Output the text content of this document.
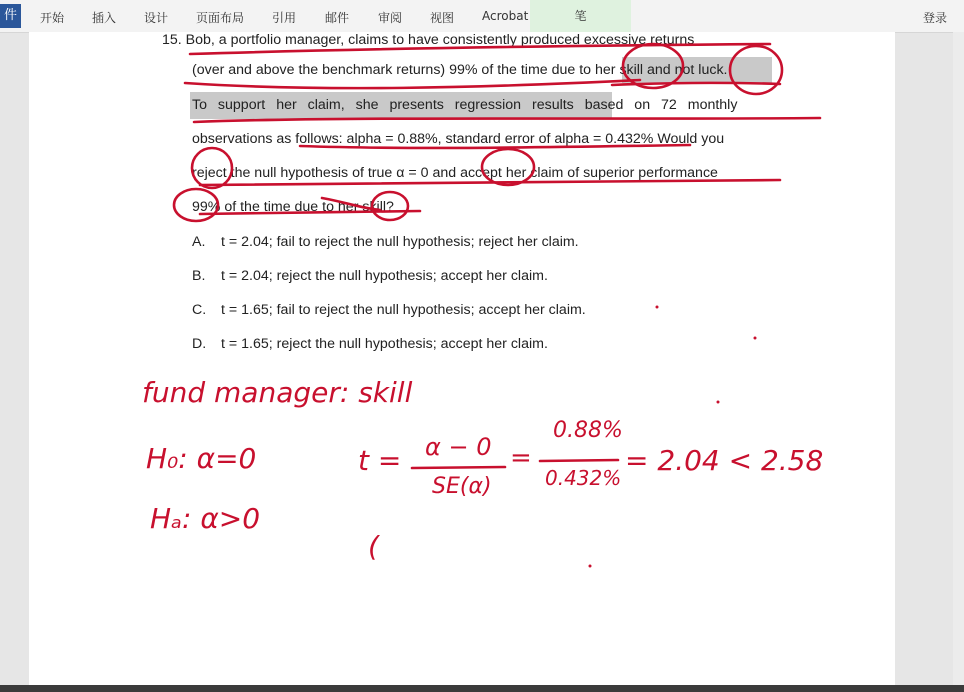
件	开始 插入 设计 页面布局 引用 邮件 审阅 视图 Acrobat	笔	登录
15. Bob, a portfolio manager, claims to have consistently produced excessive returns
(over and above the benchmark returns) 99% of the time due to her skill and not luck.
To support her claim, she presents regression results based on 72 monthly
observations as follows: alpha = 0.88%, standard error of alpha = 0.432% Would you
reject the null hypothesis of true α = 0 and accept her claim of superior performance
99% of the time due to her skill?
A. t = 2.04; fail to reject the null hypothesis; reject her claim.
B. t = 2.04; reject the null hypothesis; accept her claim.
C. t = 1.65; fail to reject the null hypothesis; accept her claim.
D. t = 1.65; reject the null hypothesis; accept her claim.
fund manager: skill
H₀: α=0
Hₐ: α>0
t = α − 0
SE(α)
=
0.88%
0.432%
= 2.04 < 2.58
(
